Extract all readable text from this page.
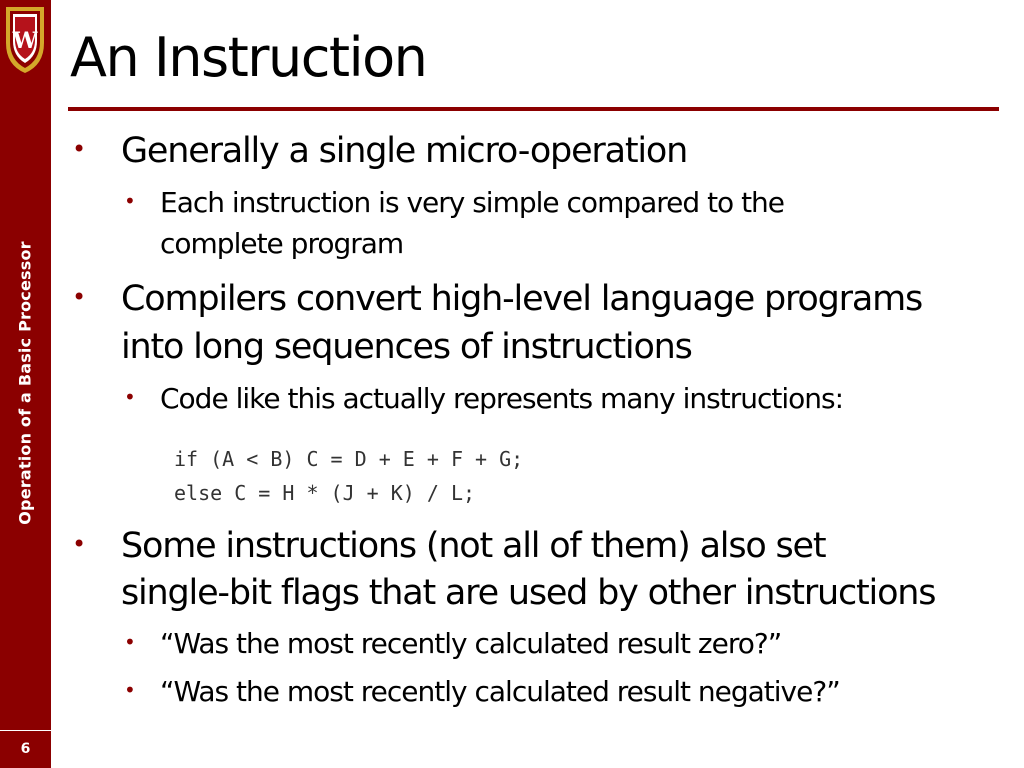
W
Operation of a Basic Processor
6
An Instruction
• Generally a single micro-operation

• Each instruction is very simple compared to the

complete program

• Compilers convert high-level language programs

into long sequences of instructions

• Code like this actually represents many instructions:

if (A < B) C = D + E + F + G;

else C = H * (J + K) / L;

• Some instructions (not all of them) also set

single-bit flags that are used by other instructions

• “Was the most recently calculated result zero?”

• “Was the most recently calculated result negative?”
